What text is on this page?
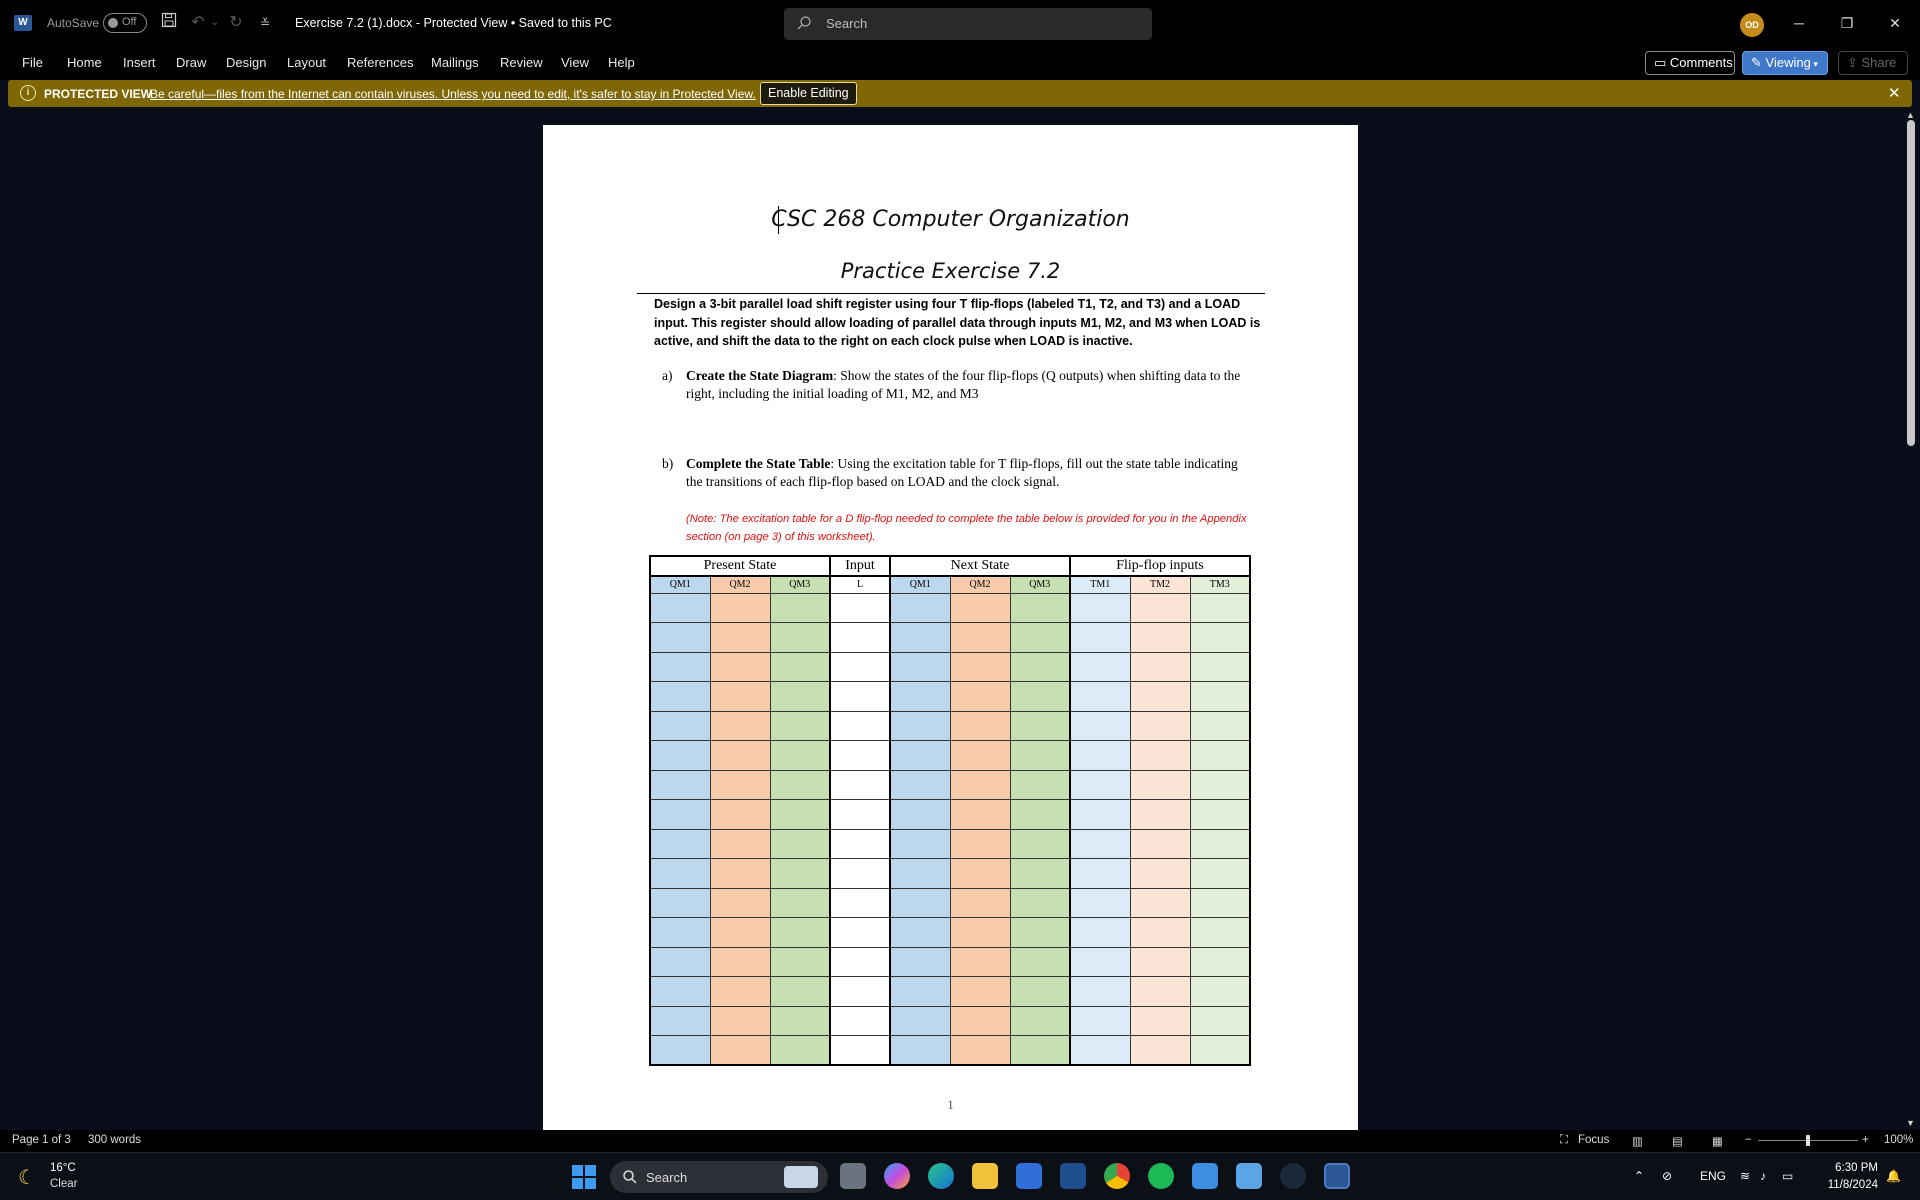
W	AutoSave Off	↶ ⌄ ↻	≚	Exercise 7.2 (1).docx - Protected View • Saved to this PC	Search	OD	─	❐	✕
File Home Insert Draw Design Layout References Mailings Review View Help	▭ Comments	✎ Viewing ▾	⇪ Share
i	PROTECTED VIEW
Be careful—files from the Internet can contain viruses. Unless you need to edit, it's safer to stay in Protected View. Enable Editing	✕
CSC 268 Computer Organization
Practice Exercise 7.2
Design a 3-bit parallel load shift register using four T flip-flops (labeled T1, T2, and T3) and a LOAD input. This register should allow loading of parallel data through inputs M1, M2, and M3 when LOAD is active, and shift the data to the right on each clock pulse when LOAD is inactive.
a) Create the State Diagram: Show the states of the four flip-flops (Q outputs) when shifting data to the right, including the initial loading of M1, M2, and M3
b) Complete the State Table: Using the excitation table for T flip-flops, fill out the state table indicating the transitions of each flip-flop based on LOAD and the clock signal.
(Note: The excitation table for a D flip-flop needed to complete the table below is provided for you in the Appendix section (on page 3) of this worksheet).
Present State			Input	Next State			Flip-flop inputs		
QM1	QM2	QM3	L	QM1	QM2	QM3	TM1	TM2	TM3

1
▲
▼
Page 1 of 3 300 words	⛶ Focus ▥	▤	▦ −	+ 100%
☾ 16°C
Clear	Search	⌃ ⊘ ENG ≋ ♪ ▭
6:30 PM
11/8/2024
🔔
